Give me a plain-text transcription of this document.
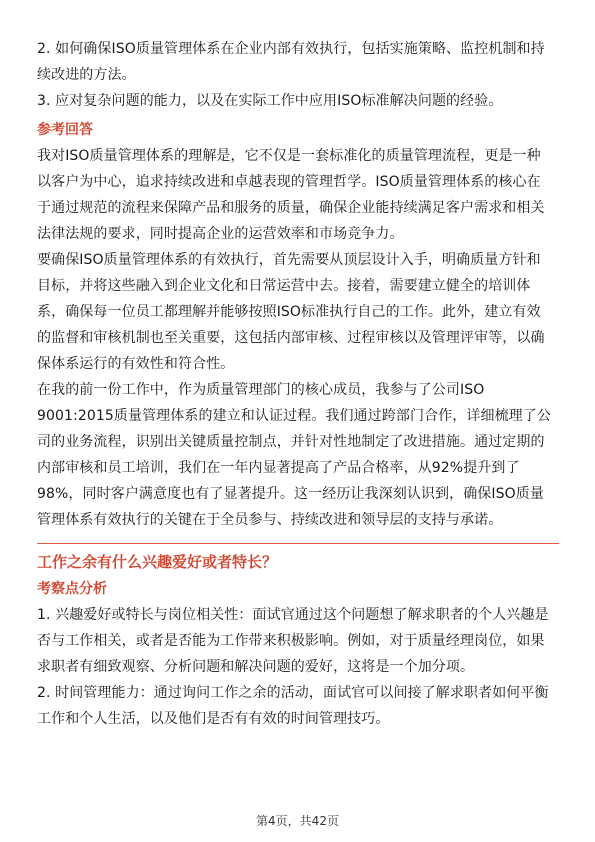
2. 如何确保ISO质量管理体系在企业内部有效执行，包括实施策略、监控机制和持
续改进的方法。
3. 应对复杂问题的能力，以及在实际工作中应用ISO标准解决问题的经验。
参考回答
我对ISO质量管理体系的理解是，它不仅是一套标准化的质量管理流程，更是一种
以客户为中心，追求持续改进和卓越表现的管理哲学。ISO质量管理体系的核心在
于通过规范的流程来保障产品和服务的质量，确保企业能持续满足客户需求和相关
法律法规的要求，同时提高企业的运营效率和市场竞争力。
要确保ISO质量管理体系的有效执行，首先需要从顶层设计入手，明确质量方针和
目标，并将这些融入到企业文化和日常运营中去。接着，需要建立健全的培训体
系，确保每一位员工都理解并能够按照ISO标准执行自己的工作。此外，建立有效
的监督和审核机制也至关重要，这包括内部审核、过程审核以及管理评审等，以确
保体系运行的有效性和符合性。
在我的前一份工作中，作为质量管理部门的核心成员，我参与了公司ISO
9001:2015质量管理体系的建立和认证过程。我们通过跨部门合作，详细梳理了公
司的业务流程，识别出关键质量控制点，并针对性地制定了改进措施。通过定期的
内部审核和员工培训，我们在一年内显著提高了产品合格率，从92%提升到了
98%，同时客户满意度也有了显著提升。这一经历让我深刻认识到，确保ISO质量
管理体系有效执行的关键在于全员参与、持续改进和领导层的支持与承诺。
工作之余有什么兴趣爱好或者特长？
考察点分析
1. 兴趣爱好或特长与岗位相关性：面试官通过这个问题想了解求职者的个人兴趣是
否与工作相关，或者是否能为工作带来积极影响。例如，对于质量经理岗位，如果
求职者有细致观察、分析问题和解决问题的爱好，这将是一个加分项。
2. 时间管理能力：通过询问工作之余的活动，面试官可以间接了解求职者如何平衡
工作和个人生活，以及他们是否有有效的时间管理技巧。
第4页，共42页
